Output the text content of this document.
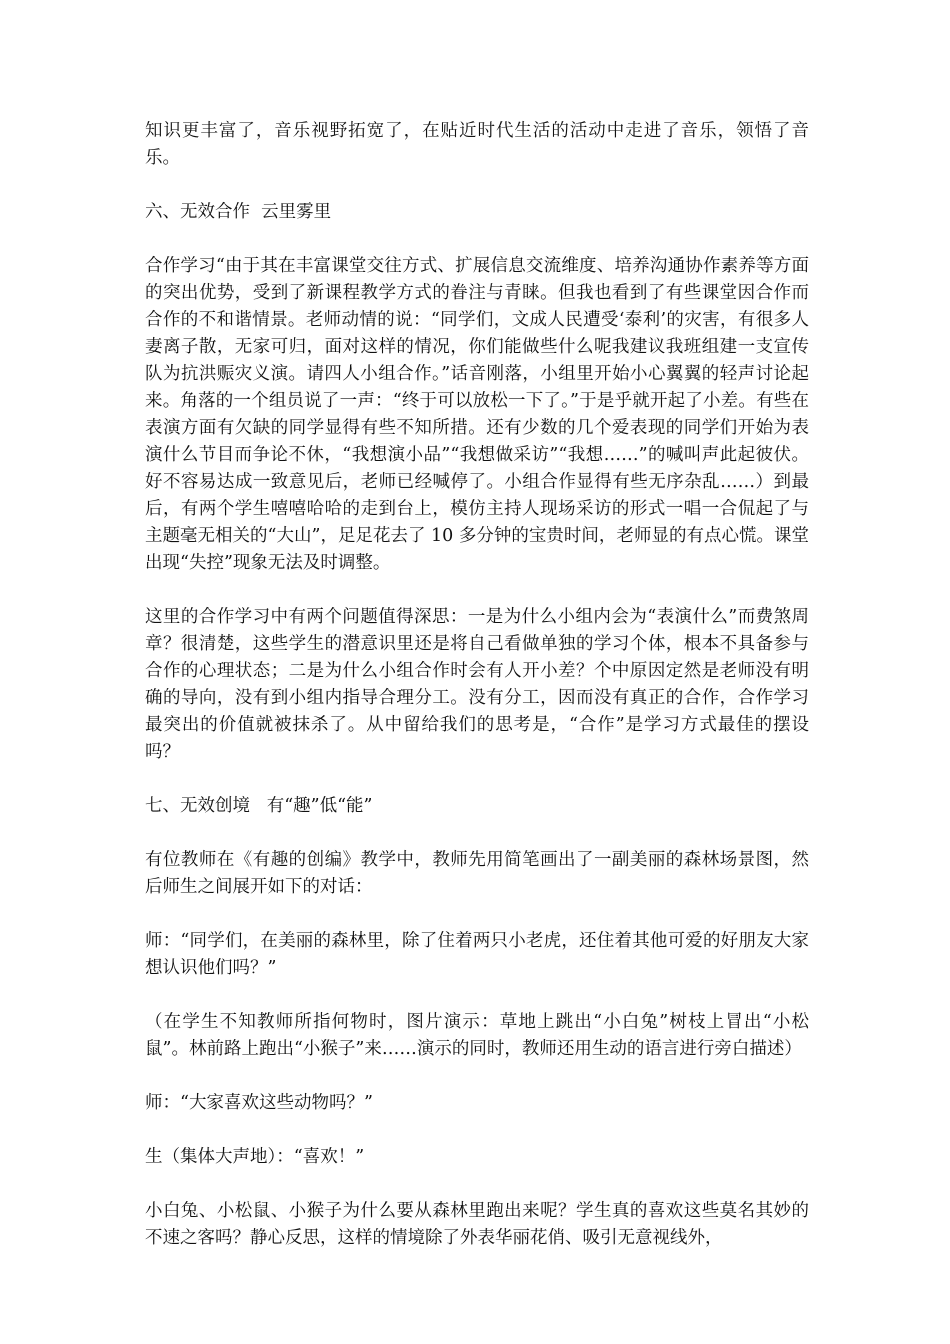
知识更丰富了，音乐视野拓宽了，在贴近时代生活的活动中走进了音乐，领悟了音乐。

六、无效合作  云里雾里

合作学习“由于其在丰富课堂交往方式、扩展信息交流维度、培养沟通协作素养等方面的突出优势，受到了新课程教学方式的眷注与青睐。但我也看到了有些课堂因合作而合作的不和谐情景。老师动情的说：“同学们，文成人民遭受‘泰利’的灾害，有很多人妻离子散，无家可归，面对这样的情况，你们能做些什么呢我建议我班组建一支宣传队为抗洪赈灾义演。请四人小组合作。”话音刚落，小组里开始小心翼翼的轻声讨论起来。角落的一个组员说了一声：“终于可以放松一下了。”于是乎就开起了小差。有些在表演方面有欠缺的同学显得有些不知所措。还有少数的几个爱表现的同学们开始为表演什么节目而争论不休，“我想演小品”“我想做采访”“我想……”的喊叫声此起彼伏。好不容易达成一致意见后，老师已经喊停了。小组合作显得有些无序杂乱……）到最后，有两个学生嘻嘻哈哈的走到台上，模仿主持人现场采访的形式一唱一合侃起了与主题毫无相关的“大山”，足足花去了 10 多分钟的宝贵时间，老师显的有点心慌。课堂出现“失控”现象无法及时调整。

这里的合作学习中有两个问题值得深思：一是为什么小组内会为“表演什么”而费煞周章？很清楚，这些学生的潜意识里还是将自己看做单独的学习个体，根本不具备参与合作的心理状态；二是为什么小组合作时会有人开小差？个中原因定然是老师没有明确的导向，没有到小组内指导合理分工。没有分工，因而没有真正的合作，合作学习最突出的价值就被抹杀了。从中留给我们的思考是，“合作”是学习方式最佳的摆设吗？

七、无效创境   有“趣”低“能”

有位教师在《有趣的创编》教学中，教师先用简笔画出了一副美丽的森林场景图，然后师生之间展开如下的对话：

师：“同学们，在美丽的森林里，除了住着两只小老虎，还住着其他可爱的好朋友大家想认识他们吗？”

（在学生不知教师所指何物时，图片演示：草地上跳出“小白兔”树枝上冒出“小松鼠”。林前路上跑出“小猴子”来……演示的同时，教师还用生动的语言进行旁白描述）

师：“大家喜欢这些动物吗？”

生（集体大声地）：“喜欢！”

小白兔、小松鼠、小猴子为什么要从森林里跑出来呢？学生真的喜欢这些莫名其妙的不速之客吗？静心反思，这样的情境除了外表华丽花俏、吸引无意视线外，
